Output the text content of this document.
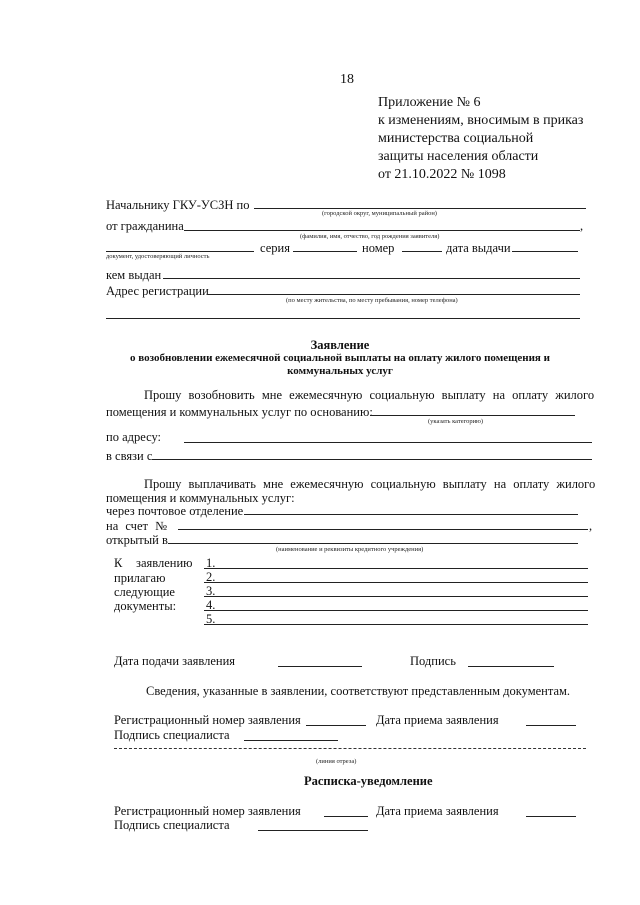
18
Приложение № 6
к изменениям, вносимым в приказ
министерства социальной
защиты населения области
от 21.10.2022 № 1098
Начальнику ГКУ-УСЗН по
(городской округ, муниципальный район)
от гражданина	,
(фамилия, имя, отчество, год рождения заявителя)
серия	номер	дата выдачи
документ, удостоверяющий личность
кем выдан
Адрес регистрации
(по месту жительства, по месту пребывания, номер телефона)
Заявление
о возобновлении ежемесячной социальной выплаты на оплату жилого помещения и
коммунальных услуг
Прошу возобновить мне ежемесячную социальную выплату на оплату жилого
помещения и коммунальных услуг по основанию:
(указать категорию)
по адресу:
в связи с
Прошу выплачивать мне ежемесячную социальную выплату на оплату жилого
помещения и коммунальных услуг:
через почтовое отделение
на счет №	,
открытый в
(наименование и реквизиты кредитного учреждения)
К заявлению
прилагаю
следующие
документы:
1.
2.
3.
4.
5.
Дата подачи заявления	Подпись
Сведения, указанные в заявлении, соответствуют представленным документам.
Регистрационный номер заявления	Дата приема заявления
Подпись специалиста
(линия отреза)
Расписка-уведомление
Регистрационный номер заявления	Дата приема заявления
Подпись специалиста
